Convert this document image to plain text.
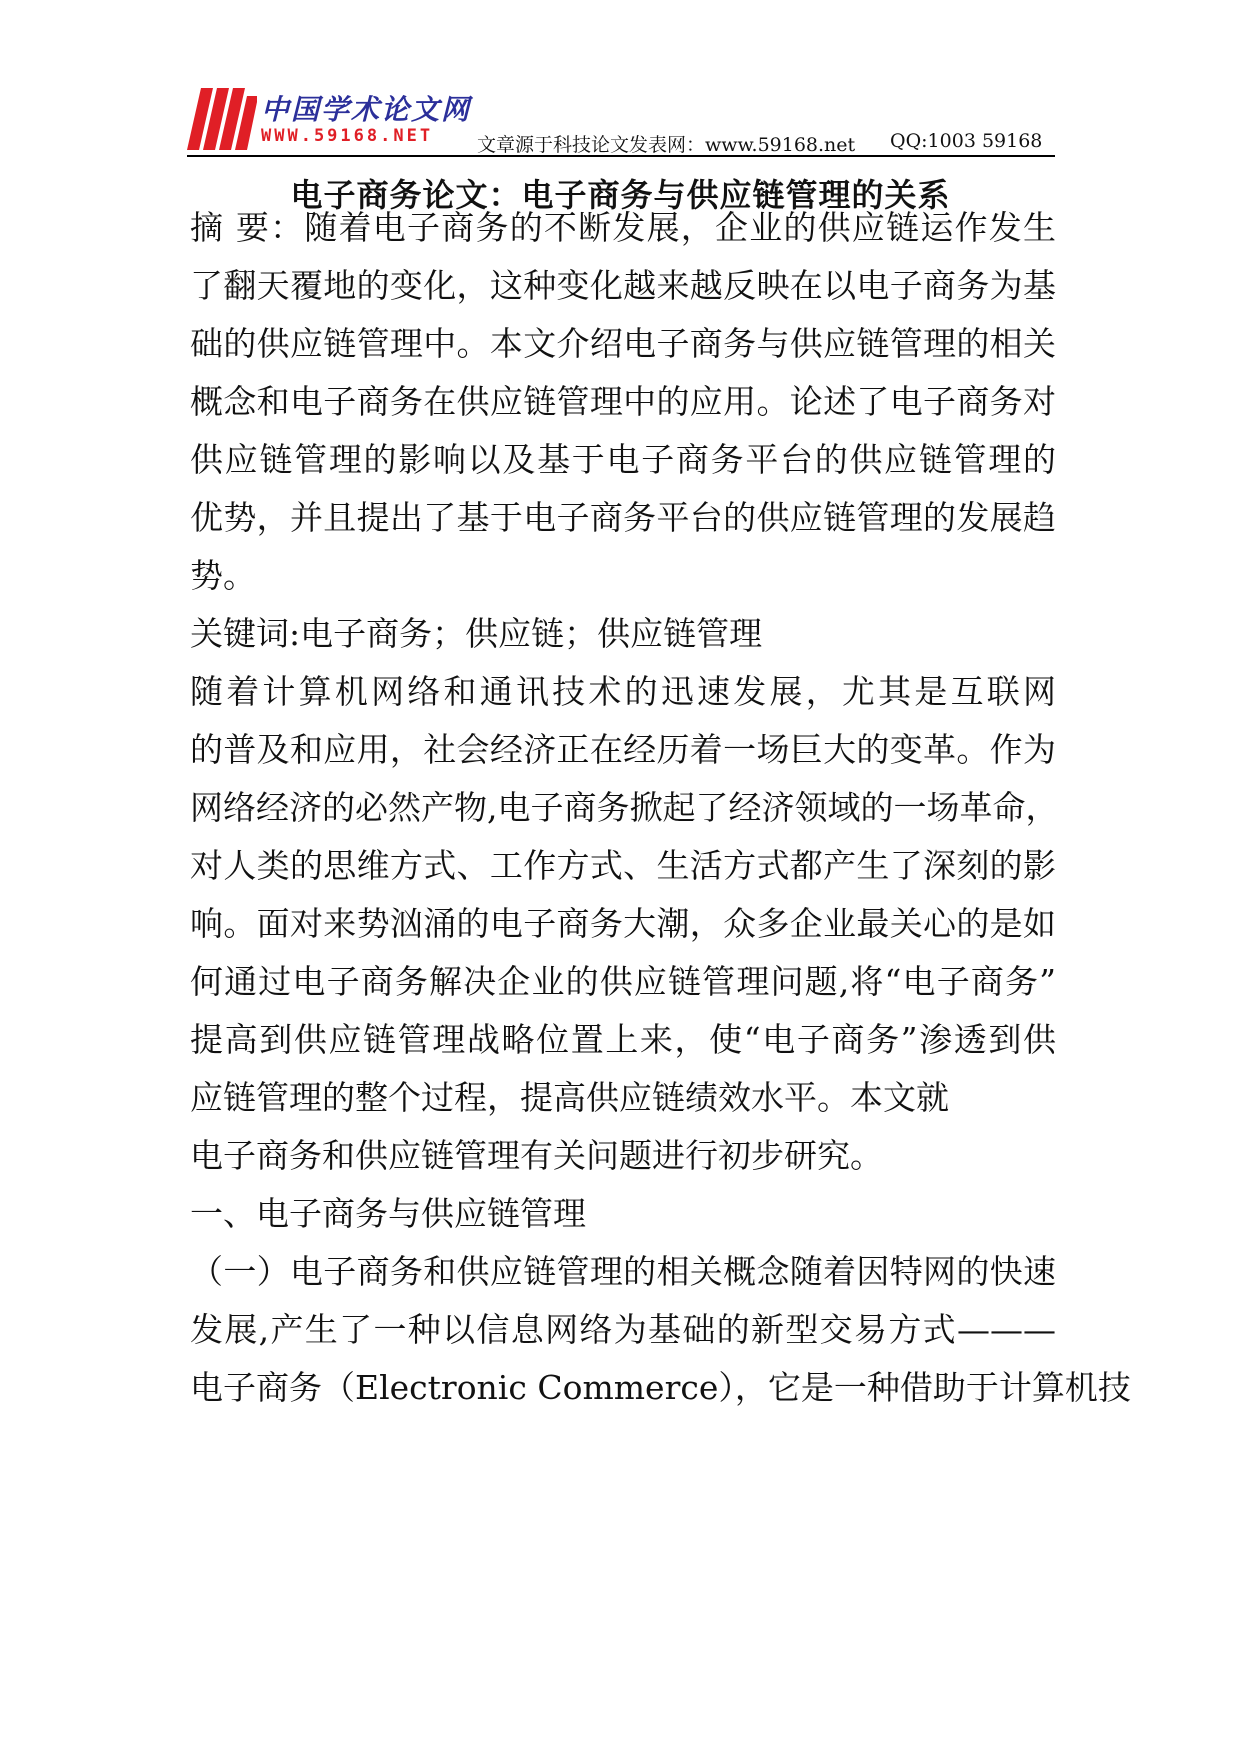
中国学术论文网
WWW.59168.NET 文章源于科技论文发表网：www.59168.net QQ:1003 59168
电子商务论文：电子商务与供应链管理的关系
摘 要：随着电子商务的不断发展，企业的供应链运作发生
了翻天覆地的变化，这种变化越来越反映在以电子商务为基
础的供应链管理中。本文介绍电子商务与供应链管理的相关
概念和电子商务在供应链管理中的应用。论述了电子商务对
供应链管理的影响以及基于电子商务平台的供应链管理的
优势，并且提出了基于电子商务平台的供应链管理的发展趋
势。
关键词:电子商务；供应链；供应链管理
随着计算机网络和通讯技术的迅速发展，尤其是互联网
的普及和应用，社会经济正在经历着一场巨大的变革。作为
网络经济的必然产物,电子商务掀起了经济领域的一场革命，
对人类的思维方式、工作方式、生活方式都产生了深刻的影
响。面对来势汹涌的电子商务大潮，众多企业最关心的是如
何通过电子商务解决企业的供应链管理问题,将“电子商务”
提高到供应链管理战略位置上来，使“电子商务”渗透到供
应链管理的整个过程，提高供应链绩效水平。本文就
电子商务和供应链管理有关问题进行初步研究。
一、电子商务与供应链管理
（一）电子商务和供应链管理的相关概念随着因特网的快速
发展,产生了一种以信息网络为基础的新型交易方式———
电子商务（Electronic Commerce），它是一种借助于计算机技
